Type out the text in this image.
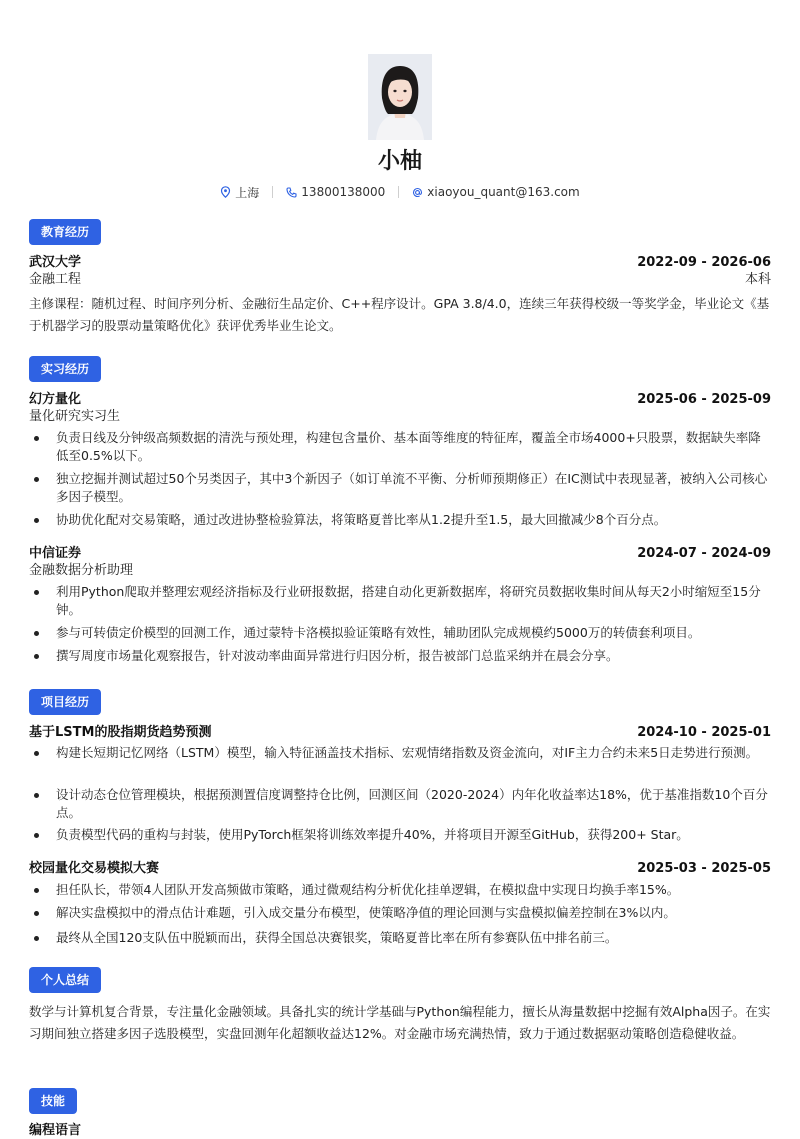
小柚
上海	13800138000	xiaoyou_quant@163.com
教育经历
武汉大学	2022-09 - 2026-06
金融工程	本科
主修课程：随机过程、时间序列分析、金融衍生品定价、C++程序设计。GPA 3.8/4.0，连续三年获得校级一等奖学金，毕业论文《基于机器学习的股票动量策略优化》获评优秀毕业生论文。
实习经历
幻方量化	2025-06 - 2025-09
量化研究实习生
负责日线及分钟级高频数据的清洗与预处理，构建包含量价、基本面等维度的特征库，覆盖全市场4000+只股票，数据缺失率降低至0.5%以下。
独立挖掘并测试超过50个另类因子，其中3个新因子（如订单流不平衡、分析师预期修正）在IC测试中表现显著，被纳入公司核心多因子模型。
协助优化配对交易策略，通过改进协整检验算法，将策略夏普比率从1.2提升至1.5，最大回撤减少8个百分点。
中信证券	2024-07 - 2024-09
金融数据分析助理
利用Python爬取并整理宏观经济指标及行业研报数据，搭建自动化更新数据库，将研究员数据收集时间从每天2小时缩短至15分钟。
参与可转债定价模型的回测工作，通过蒙特卡洛模拟验证策略有效性，辅助团队完成规模约5000万的转债套利项目。
撰写周度市场量化观察报告，针对波动率曲面异常进行归因分析，报告被部门总监采纳并在晨会分享。
项目经历
基于LSTM的股指期货趋势预测	2024-10 - 2025-01
构建长短期记忆网络（LSTM）模型，输入特征涵盖技术指标、宏观情绪指数及资金流向，对IF主力合约未来5日走势进行预测。
设计动态仓位管理模块，根据预测置信度调整持仓比例，回测区间（2020-2024）内年化收益率达18%，优于基准指数10个百分点。
负责模型代码的重构与封装，使用PyTorch框架将训练效率提升40%，并将项目开源至GitHub，获得200+ Star。
校园量化交易模拟大赛	2025-03 - 2025-05
担任队长，带领4人团队开发高频做市策略，通过微观结构分析优化挂单逻辑，在模拟盘中实现日均换手率15%。
解决实盘模拟中的滑点估计难题，引入成交量分布模型，使策略净值的理论回测与实盘模拟偏差控制在3%以内。
最终从全国120支队伍中脱颖而出，获得全国总决赛银奖，策略夏普比率在所有参赛队伍中排名前三。
个人总结
数学与计算机复合背景，专注量化金融领域。具备扎实的统计学基础与Python编程能力，擅长从海量数据中挖掘有效Alpha因子。在实习期间独立搭建多因子选股模型，实盘回测年化超额收益达12%。对金融市场充满热情，致力于通过数据驱动策略创造稳健收益。
技能
编程语言
